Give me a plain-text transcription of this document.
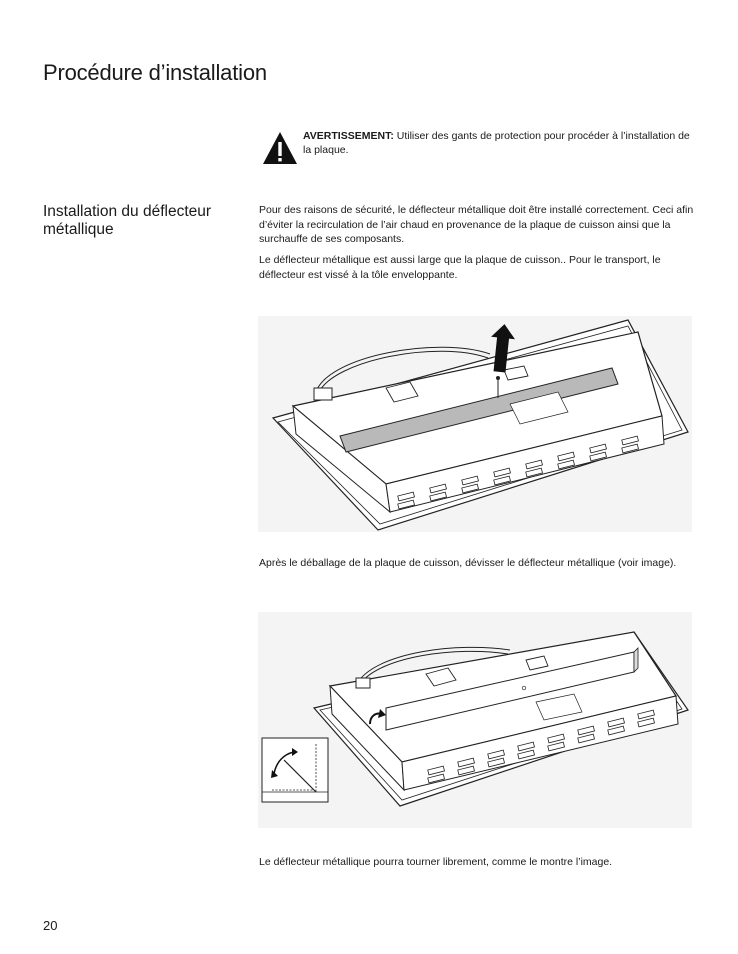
Procédure d’installation
AVERTISSEMENT: Utiliser des gants de protection pour procéder à l’installation de la plaque.
Installation du déflecteur métallique

Pour des raisons de sécurité, le déflecteur métallique doit être installé correctement. Ceci afin d’éviter la recirculation de l’air chaud en provenance de la plaque de cuisson ainsi que la surchauffe de ses composants.

Le déflecteur métallique est aussi large que la plaque de cuisson.. Pour le transport, le déflecteur est vissé à la tôle enveloppante.

Après le déballage de la plaque de cuisson, dévisser le déflecteur métallique (voir image).

Le déflecteur métallique pourra tourner librement, comme le montre l’image.

20
